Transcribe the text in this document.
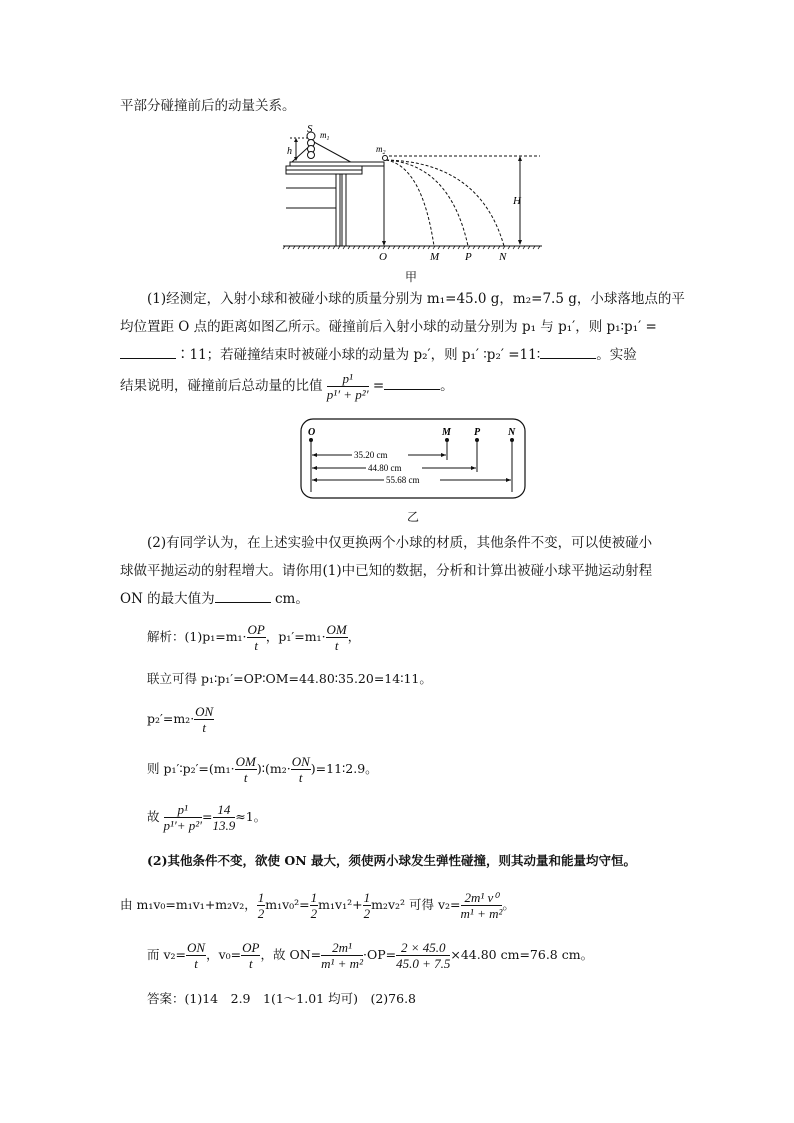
平部分碰撞前后的动量关系。
S $m_1$
h	$m_2$
H
O	M P N
甲
(1)经测定，入射小球和被碰小球的质量分别为 m₁=45.0 g，m₂=7.5 g，小球落地点的平
均位置距 O 点的距离如图乙所示。碰撞前后入射小球的动量分别为 p₁ 与 p₁′，则 p₁∶p₁′ =
∶11；若碰撞结束时被碰小球的动量为 p₂′，则 p₁′ ∶p₂′ =11∶	。实验
结果说明，碰撞前后总动量的比值 $\frac{\text{p¹}}{\text{p¹′ + p²′}}$ =	。
O	M P	N
35.20 cm
44.80 cm
55.68 cm
乙
(2)有同学认为，在上述实验中仅更换两个小球的材质，其他条件不变，可以使被碰小
球做平抛运动的射程增大。请你用(1)中已知的数据，分析和计算出被碰小球平抛运动射程
ON 的最大值为	cm。
解析：$(1)p_1=m_1\cdot \frac{OP}{t}$ ，$p_1'=m_1\cdot \frac{OM}{t}$ ，
联立可得 p₁∶p₁′=OP∶OM=44.80∶35.20=14∶11。
$p_2'=m_2\cdot \frac{ON}{t}$
则 p₁′∶p₂′=(m₁· $\frac{OM}{t}$ )∶(m₂· $\frac{ON}{t}$ )=11∶2.9。
故 $\frac{\text{p¹}}{\text{p¹′+ p²′}} = \frac{14}{13.9} \approx 1$。
(2)其他条件不变，欲使 ON 最大，须使两小球发生弹性碰撞，则其动量和能量均守恒。
由 m₁v₀=m₁v₁+m₂v₂， $\frac{1}{2} m_1v_0^2= \frac{1}{2} m_1v_1^2+ \frac{1}{2} m_2v_2^2$ 可得 $v_2= \frac{\text{2m¹ v⁰}}{\text{m¹ + m²}}$ 。
而 $v_2= \frac{ON}{t}$ ，$v_0= \frac{OP}{t}$ ，故 $ON= \frac{\text{2m¹}}{\text{m¹ + m²}} \cdot OP= \frac{2 \times 45.0}{45.0 + 7.5} \times 44.80$ cm=76.8 cm。
答案：(1)14　2.9　1(1～1.01 均可)　(2)76.8
